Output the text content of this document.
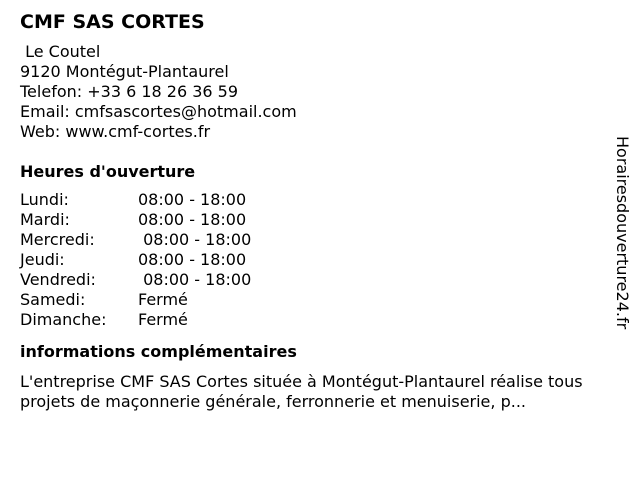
CMF SAS CORTES
Le Coutel
9120 Montégut-Plantaurel
Telefon: +33 6 18 26 36 59
Email: cmfsascortes@hotmail.com
Web: www.cmf-cortes.fr
Heures d'ouverture
Lundi:	08:00 - 18:00
Mardi:	08:00 - 18:00
Mercredi:	08:00 - 18:00
Jeudi:	08:00 - 18:00
Vendredi:	08:00 - 18:00
Samedi:	Fermé
Dimanche:	Fermé
informations complémentaires
L'entreprise CMF SAS Cortes située à Montégut-Plantaurel réalise tous projets de maçonnerie générale, ferronnerie et menuiserie, p...
Horairesdouverture24.fr
